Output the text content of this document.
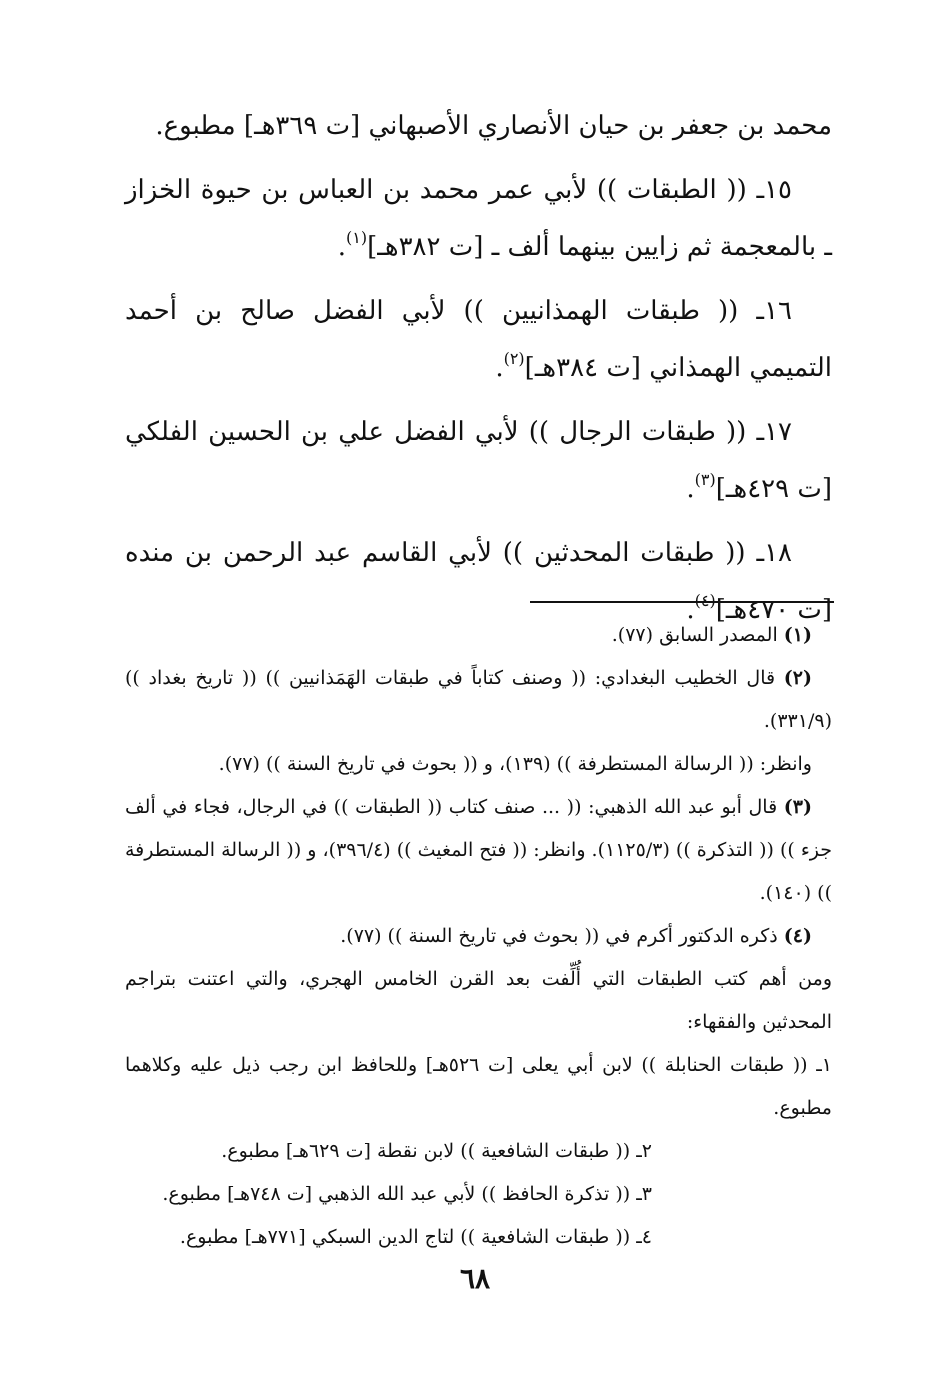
محمد بن جعفر بن حيان الأنصاري الأصبهاني [ت ٣٦٩هـ] مطبوع.

١٥ـ (( الطبقات )) لأبي عمر محمد بن العباس بن حيوة الخزاز ـ بالمعجمة ثم زايين بينهما ألف ـ [ت ٣٨٢هـ]$^{(١)}$.

١٦ـ (( طبقات الهمذانيين )) لأبي الفضل صالح بن أحمد التميمي الهمذاني [ت ٣٨٤هـ]$^{(٢)}$.

١٧ـ (( طبقات الرجال )) لأبي الفضل علي بن الحسين الفلكي [ت ٤٢٩هـ]$^{(٣)}$.

١٨ـ (( طبقات المحدثين )) لأبي القاسم عبد الرحمن بن منده [ت ٤٧٠هـ]$^{(٤)}$.

(١) المصدر السابق (٧٧).

(٢) قال الخطيب البغدادي: (( وصنف كتاباً في طبقات الهَمَذانيين )) (( تاريخ بغداد )) (٣٣١/٩).

وانظر: (( الرسالة المستطرفة )) (١٣٩)، و (( بحوث في تاريخ السنة )) (٧٧).

(٣) قال أبو عبد الله الذهبي: (( ... صنف كتاب (( الطبقات )) في الرجال، فجاء في ألف جزء )) (( التذكرة )) (١١٢٥/٣). وانظر: (( فتح المغيث )) (٣٩٦/٤)، و (( الرسالة المستطرفة )) (١٤٠).

(٤) ذكره الدكتور أكرم في (( بحوث في تاريخ السنة )) (٧٧).

ومن أهم كتب الطبقات التي أُلِّفت بعد القرن الخامس الهجري، والتي اعتنت بتراجم المحدثين والفقهاء:

١ـ (( طبقات الحنابلة )) لابن أبي يعلى [ت ٥٢٦هـ] وللحافظ ابن رجب ذيل عليه وكلاهما مطبوع.

٢ـ (( طبقات الشافعية )) لابن نقطة [ت ٦٢٩هـ] مطبوع.

٣ـ (( تذكرة الحافظ )) لأبي عبد الله الذهبي [ت ٧٤٨هـ] مطبوع.

٤ـ (( طبقات الشافعية )) لتاج الدين السبكي [٧٧١هـ] مطبوع.

٦٨
